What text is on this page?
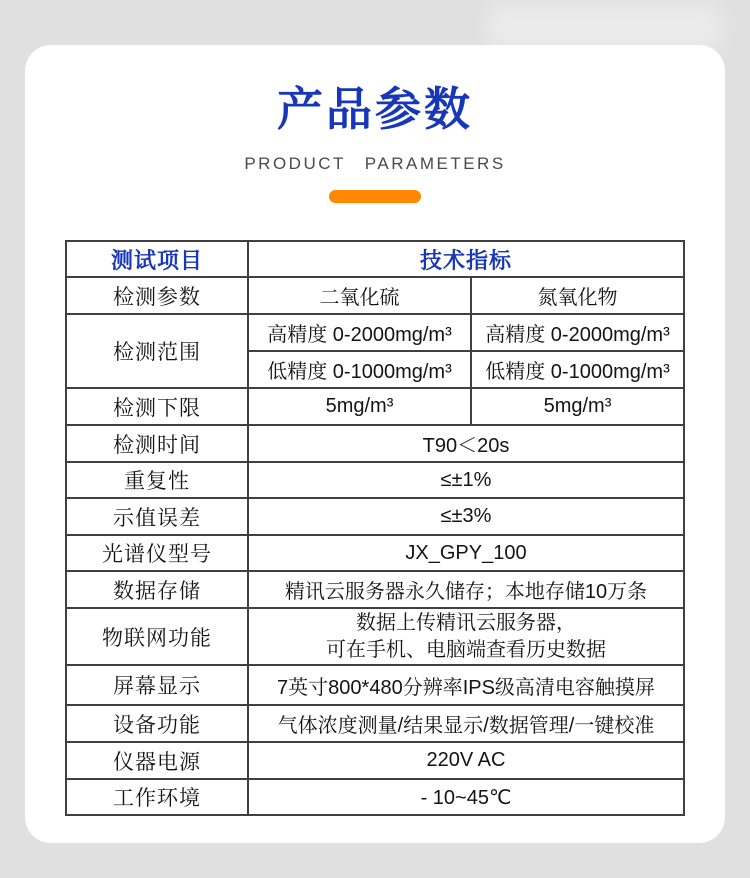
产品参数
PRODUCT PARAMETERS
测试项目	技术指标	
检测参数	二氧化硫	氮氧化物
检测范围	高精度 0-2000mg/m³	高精度 0-2000mg/m³
	低精度 0-1000mg/m³	低精度 0-1000mg/m³
检测下限	5mg/m³	5mg/m³
检测时间	T90＜20s	
重复性	≤±1%	
示值误差	≤±3%	
光谱仪型号	JX_GPY_100	
数据存储	精讯云服务器永久储存；本地存储10万条	
物联网功能	数据上传精讯云服务器，
可在手机、电脑端查看历史数据	

屏幕显示	7英寸800*480分辨率IPS级高清电容触摸屏	
设备功能	气体浓度测量/结果显示/数据管理/一键校准	
仪器电源	220V AC	
工作环境	- 10~45℃	
